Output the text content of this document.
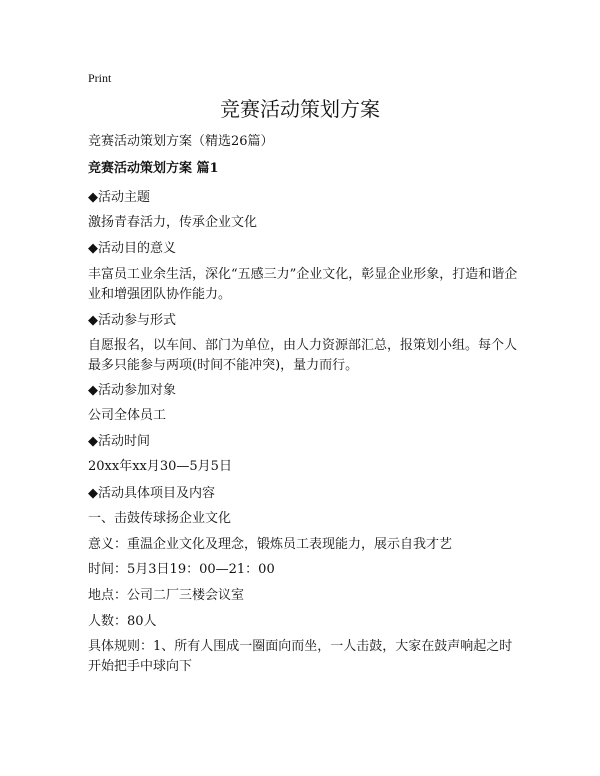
Print
竞赛活动策划方案

竞赛活动策划方案（精选26篇）

竞赛活动策划方案 篇1

◆活动主题

激扬青春活力，传承企业文化

◆活动目的意义

丰富员工业余生活，深化“五感三力”企业文化，彰显企业形象，打造和谐企业和增强团队协作能力。

◆活动参与形式

自愿报名，以车间、部门为单位，由人力资源部汇总，报策划小组。每个人最多只能参与两项(时间不能冲突)，量力而行。

◆活动参加对象

公司全体员工

◆活动时间

20xx年xx月30—5月5日

◆活动具体项目及内容

一、击鼓传球扬企业文化

意义：重温企业文化及理念，锻炼员工表现能力，展示自我才艺

时间：5月3日19：00—21：00

地点：公司二厂三楼会议室

人数：80人

具体规则：1、所有人围成一圈面向而坐，一人击鼓，大家在鼓声响起之时开始把手中球向下
